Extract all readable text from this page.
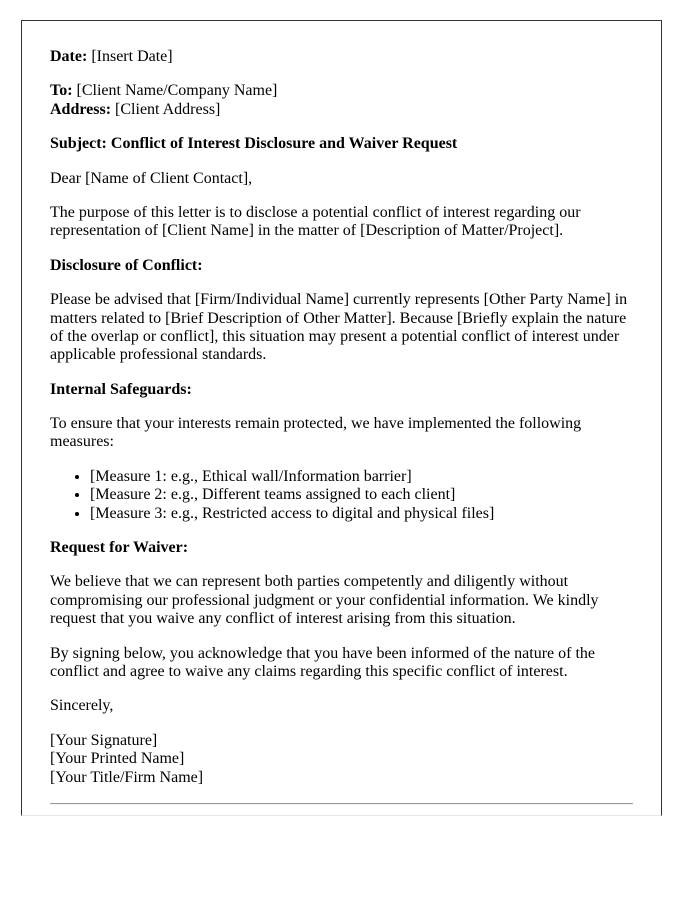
Date: [Insert Date]

To: [Client Name/Company Name]
Address: [Client Address]

Subject: Conflict of Interest Disclosure and Waiver Request

Dear [Name of Client Contact],

The purpose of this letter is to disclose a potential conflict of interest regarding our representation of [Client Name] in the matter of [Description of Matter/Project].

Disclosure of Conflict:

Please be advised that [Firm/Individual Name] currently represents [Other Party Name] in matters related to [Brief Description of Other Matter]. Because [Briefly explain the nature of the overlap or conflict], this situation may present a potential conflict of interest under applicable professional standards.

Internal Safeguards:

To ensure that your interests remain protected, we have implemented the following measures:

• [Measure 1: e.g., Ethical wall/Information barrier]
• [Measure 2: e.g., Different teams assigned to each client]
• [Measure 3: e.g., Restricted access to digital and physical files]

Request for Waiver:

We believe that we can represent both parties competently and diligently without compromising our professional judgment or your confidential information. We kindly request that you waive any conflict of interest arising from this situation.

By signing below, you acknowledge that you have been informed of the nature of the conflict and agree to waive any claims regarding this specific conflict of interest.

Sincerely,

[Your Signature]
[Your Printed Name]
[Your Title/Firm Name]
